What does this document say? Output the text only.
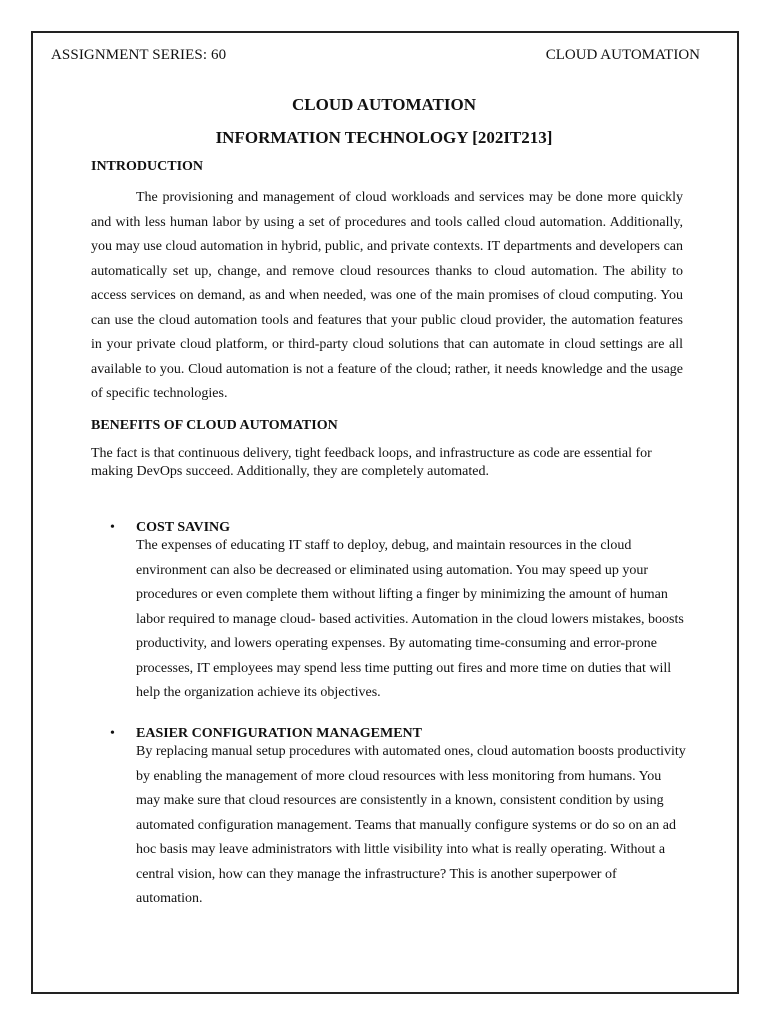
ASSIGNMENT SERIES: 60	CLOUD AUTOMATION
CLOUD AUTOMATION
INFORMATION TECHNOLOGY [202IT213]
INTRODUCTION

The provisioning and management of cloud workloads and services may be done more quickly and with less human labor by using a set of procedures and tools called cloud automation. Additionally, you may use cloud automation in hybrid, public, and private contexts. IT departments and developers can automatically set up, change, and remove cloud resources thanks to cloud automation. The ability to access services on demand, as and when needed, was one of the main promises of cloud computing. You can use the cloud automation tools and features that your public cloud provider, the automation features in your private cloud platform, or third-party cloud solutions that can automate in cloud settings are all available to you. Cloud automation is not a feature of the cloud; rather, it needs knowledge and the usage of specific technologies.

BENEFITS OF CLOUD AUTOMATION

The fact is that continuous delivery, tight feedback loops, and infrastructure as code are essential for making DevOps succeed. Additionally, they are completely automated.

• COST SAVING

The expenses of educating IT staff to deploy, debug, and maintain resources in the cloud environment can also be decreased or eliminated using automation. You may speed up your procedures or even complete them without lifting a finger by minimizing the amount of human labor required to manage cloud- based activities. Automation in the cloud lowers mistakes, boosts productivity, and lowers operating expenses. By automating time-consuming and error-prone processes, IT employees may spend less time putting out fires and more time on duties that will help the organization achieve its objectives.

• EASIER CONFIGURATION MANAGEMENT

By replacing manual setup procedures with automated ones, cloud automation boosts productivity by enabling the management of more cloud resources with less monitoring from humans. You may make sure that cloud resources are consistently in a known, consistent condition by using automated configuration management. Teams that manually configure systems or do so on an ad hoc basis may leave administrators with little visibility into what is really operating. Without a central vision, how can they manage the infrastructure? This is another superpower of automation.
